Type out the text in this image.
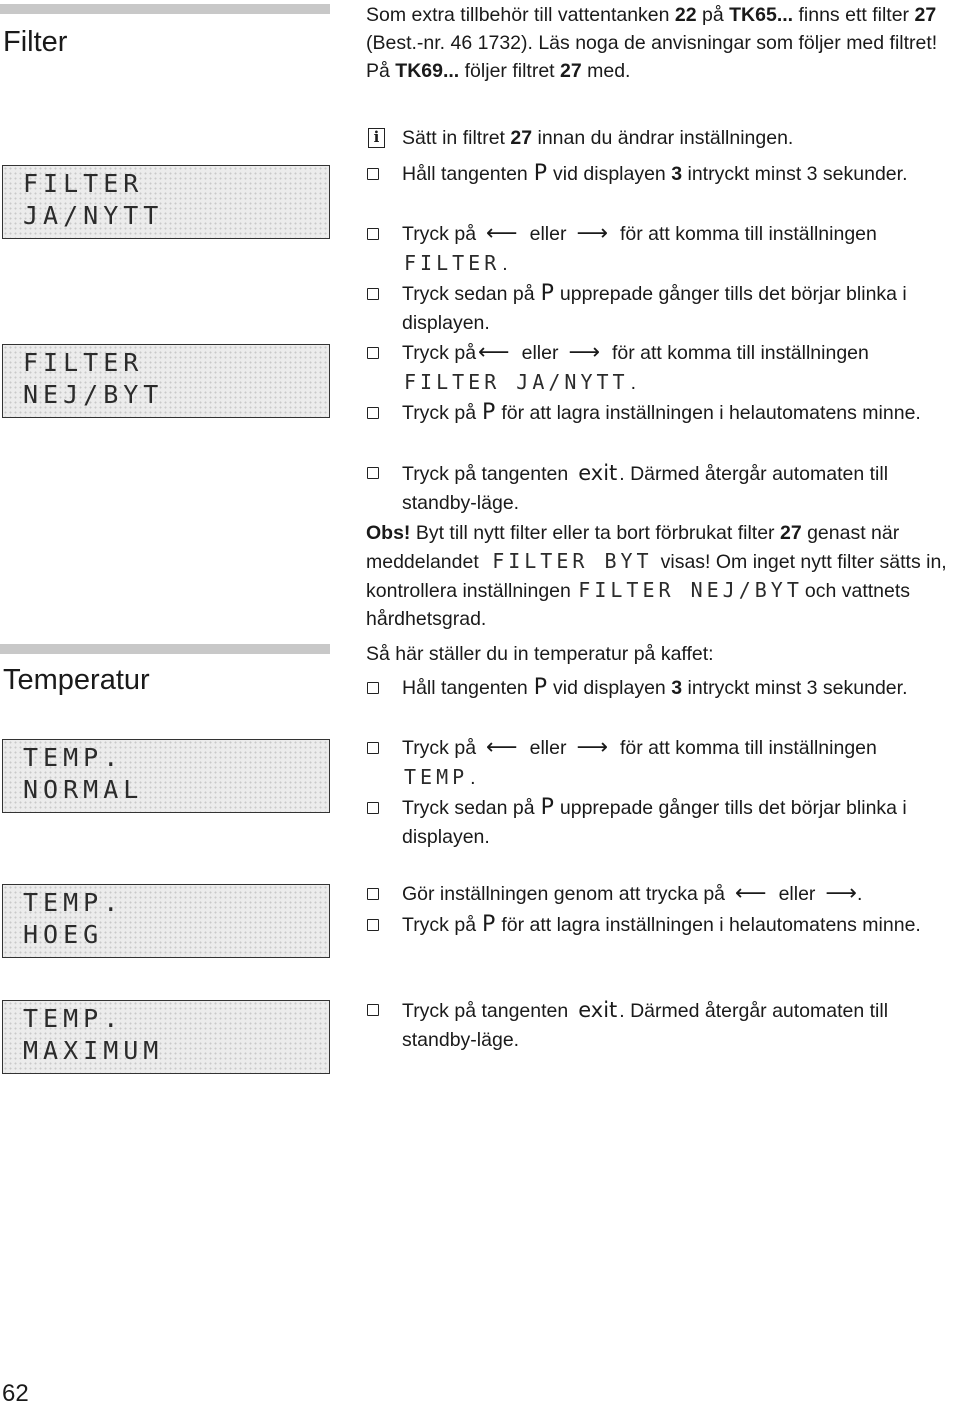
Filter
FILTER
JA/NYTT
FILTER
NEJ/BYT
Temperatur
TEMP.
NORMAL
TEMP.
HOEG
TEMP.
MAXIMUM

Som extra tillbehör till vattentanken 22 på TK65... finns ett filter 27 (Best.-nr. 46 1732). Läs noga de anvisningar som följer med filtret!
På TK69... följer filtret 27 med.

i Sätt in filtret 27 innan du ändrar inställningen.
Håll tangenten P vid displayen 3 intryckt minst 3 sekunder.
Tryck på ⟵ eller ⟶ för att komma till inställningen
FILTER .
Tryck sedan på P upprepade gånger tills det börjar blinka i displayen.
Tryck på⟵ eller ⟶ för att komma till inställningen
FILTER JA/NYTT .
Tryck på P för att lagra inställningen i helautomatens minne.
Tryck på tangenten exit . Därmed återgår automaten till standby-läge.

Obs! Byt till nytt filter eller ta bort förbrukat filter 27 genast när meddelandet FILTER BYT visas! Om inget nytt filter sätts in, kontrollera inställningen FILTER NEJ/BYT och vattnets hårdhetsgrad.

Så här ställer du in temperatur på kaffet:

Håll tangenten P vid displayen 3 intryckt minst 3 sekunder.
Tryck på ⟵ eller ⟶ för att komma till inställningen
TEMP .
Tryck sedan på P upprepade gånger tills det börjar blinka i displayen.
Gör inställningen genom att trycka på ⟵ eller ⟶.
Tryck på P för att lagra inställningen i helautomatens minne.
Tryck på tangenten exit . Därmed återgår automaten till standby-läge.
62
